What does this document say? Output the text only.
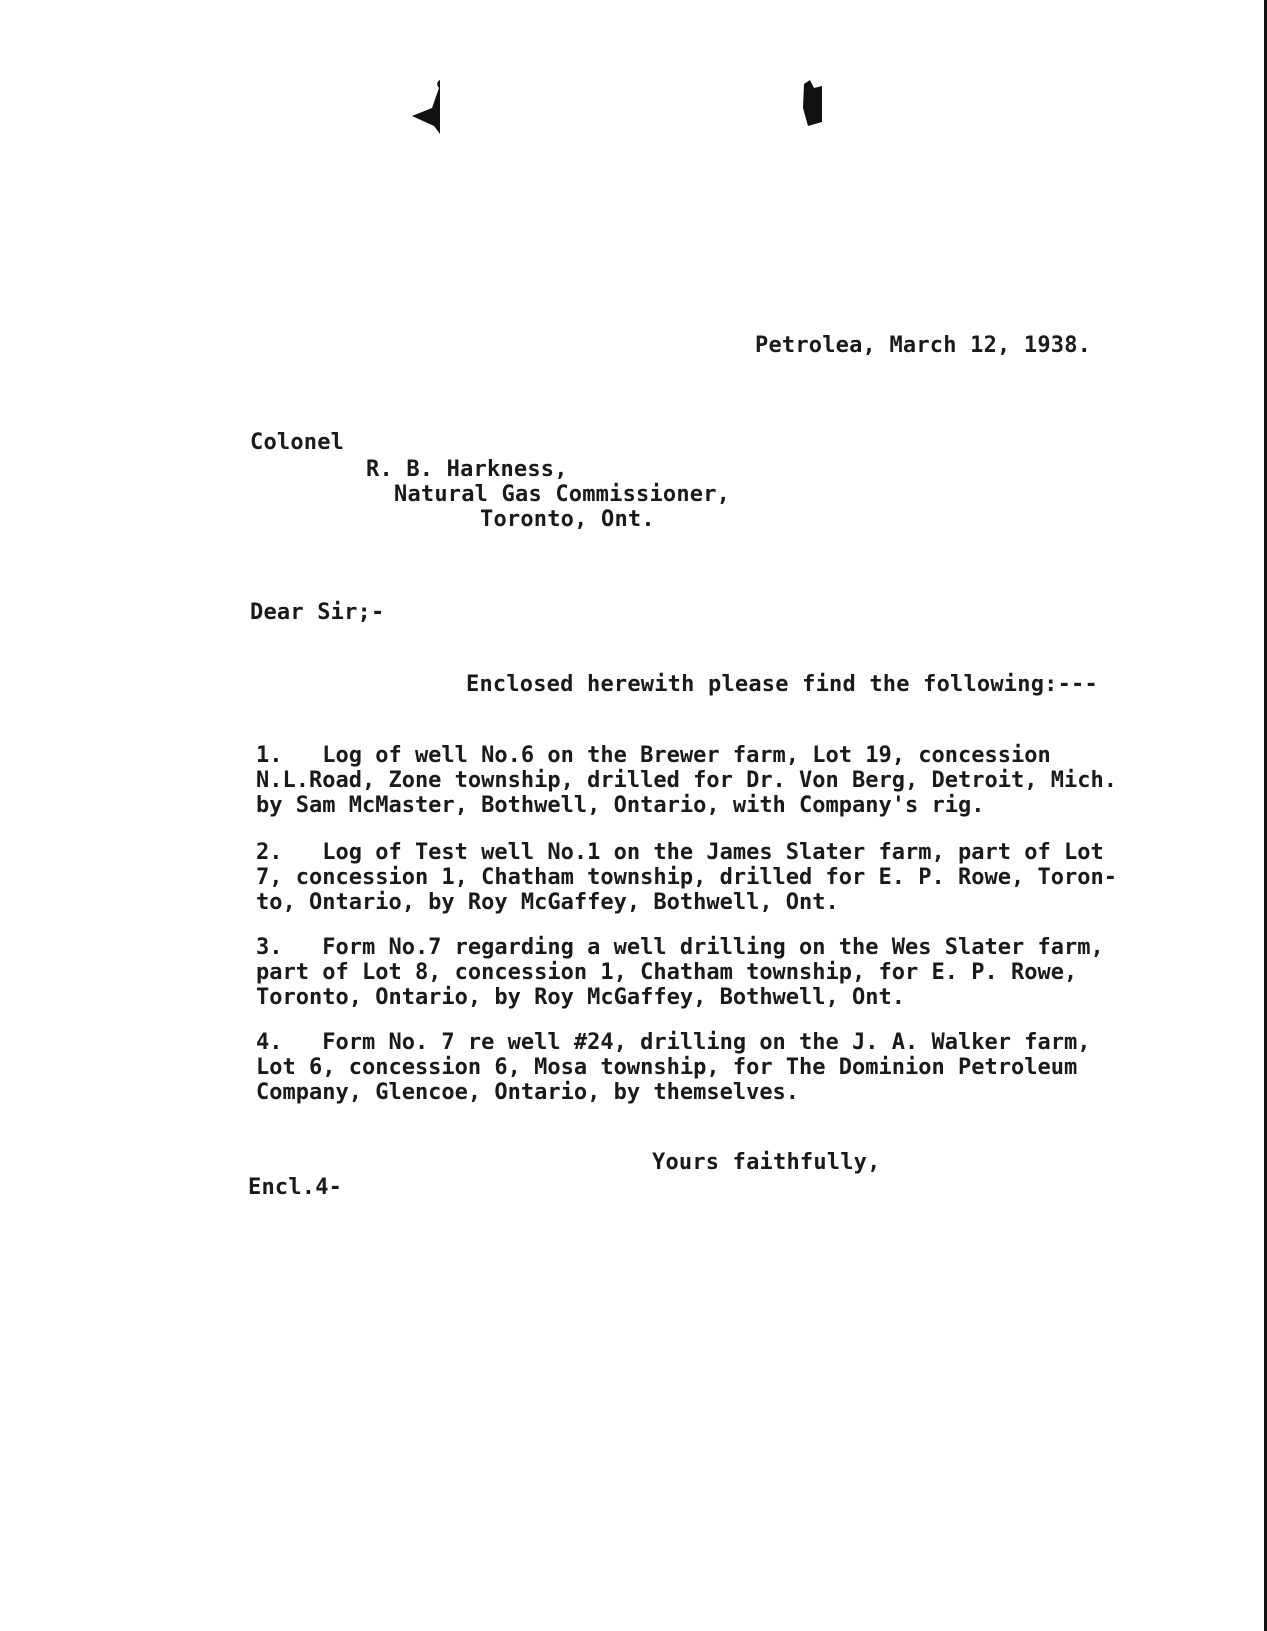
Petrolea, March 12, 1938.
Colonel
R. B. Harkness,
Natural Gas Commissioner,
Toronto, Ont.
Dear Sir;-
Enclosed herewith please find the following:---
1.   Log of well No.6 on the Brewer farm, Lot 19, concession
N.L.Road, Zone township, drilled for Dr. Von Berg, Detroit, Mich.
by Sam McMaster, Bothwell, Ontario, with Company's rig.
2.   Log of Test well No.1 on the James Slater farm, part of Lot
7, concession 1, Chatham township, drilled for E. P. Rowe, Toron-
to, Ontario, by Roy McGaffey, Bothwell, Ont.
3.   Form No.7 regarding a well drilling on the Wes Slater farm,
part of Lot 8, concession 1, Chatham township, for E. P. Rowe,
Toronto, Ontario, by Roy McGaffey, Bothwell, Ont.
4.   Form No. 7 re well #24, drilling on the J. A. Walker farm,
Lot 6, concession 6, Mosa township, for The Dominion Petroleum
Company, Glencoe, Ontario, by themselves.
Yours faithfully,
Encl.4-
